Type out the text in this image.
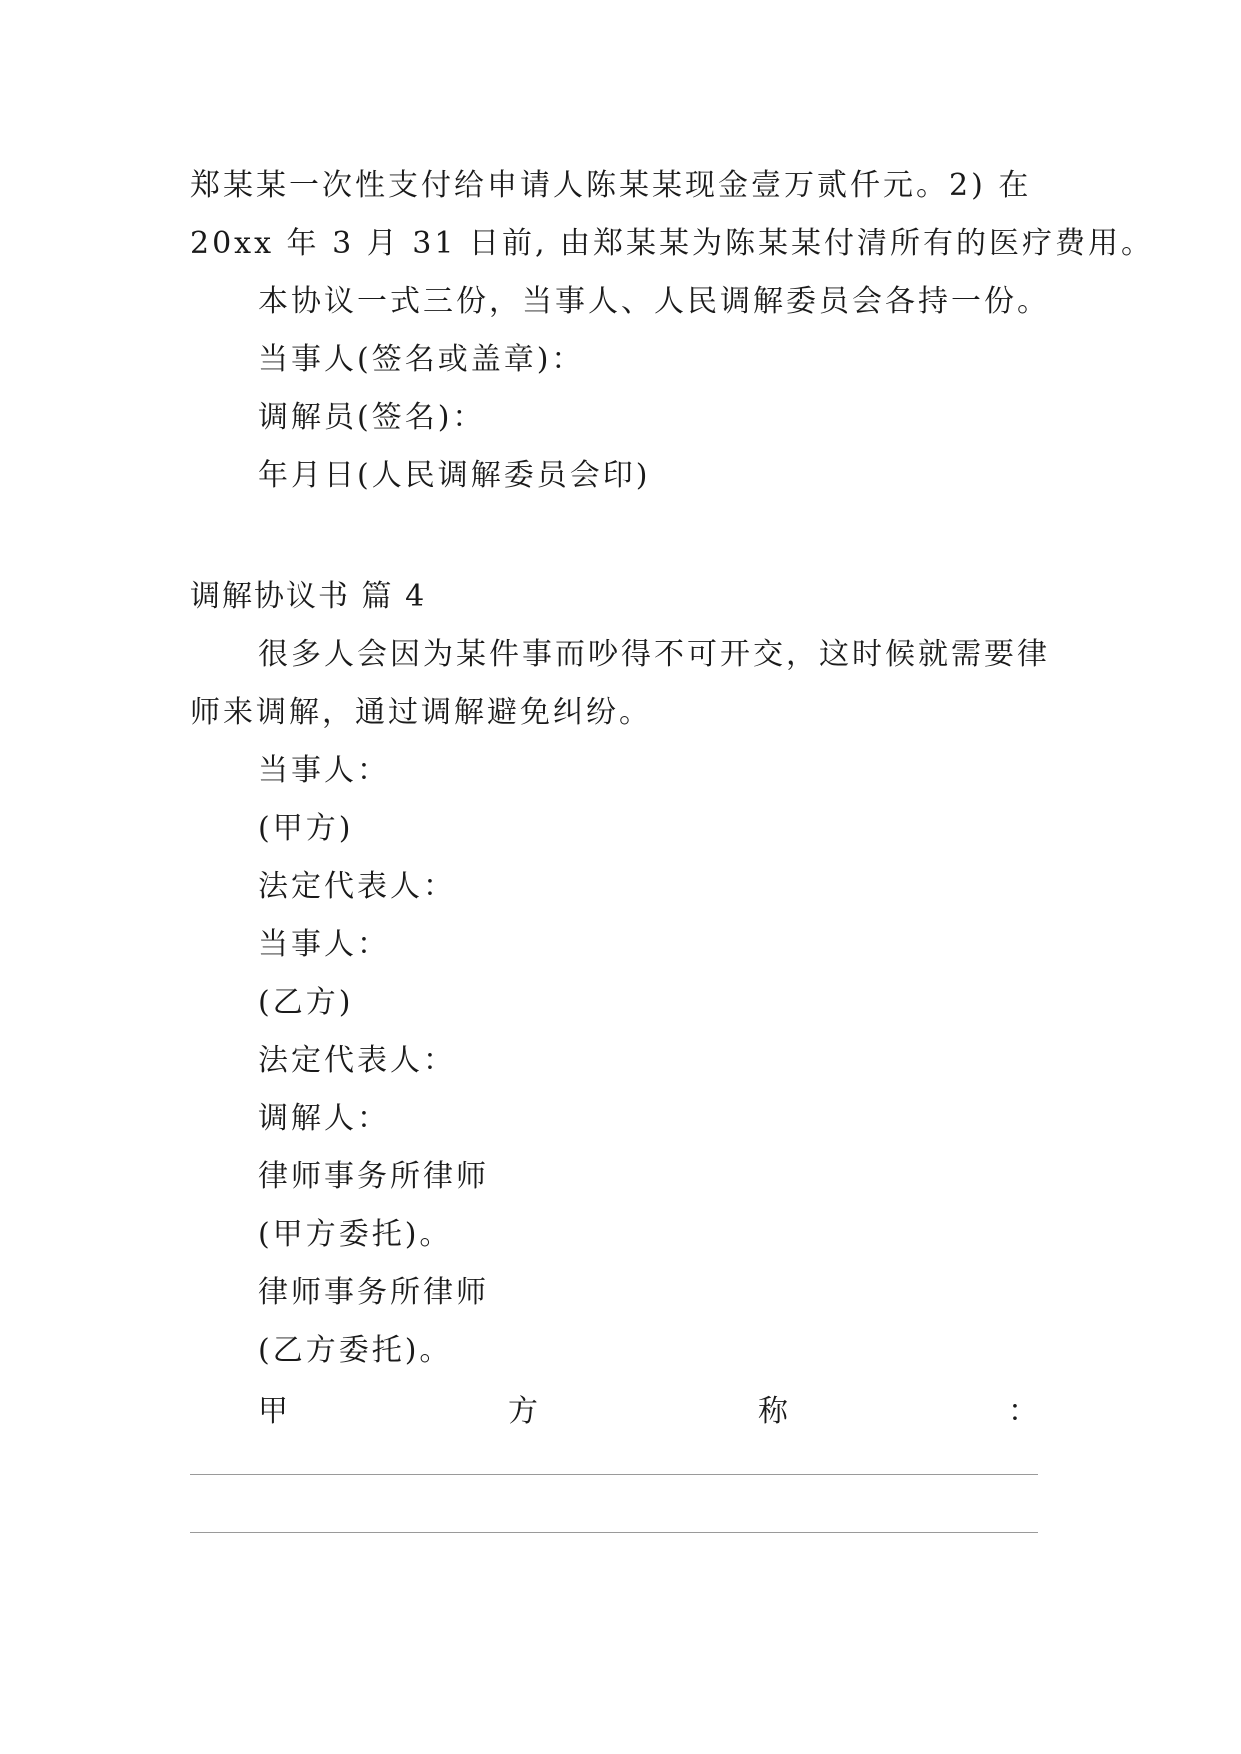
郑某某一次性支付给申请人陈某某现金壹万贰仟元。2) 在
20xx 年 3 月 31 日前, 由郑某某为陈某某付清所有的医疗费用。
本协议一式三份，当事人、人民调解委员会各持一份。
当事人(签名或盖章)：
调解员(签名)：
年月日(人民调解委员会印)
调解协议书 篇 4
很多人会因为某件事而吵得不可开交，这时候就需要律
师来调解，通过调解避免纠纷。
当事人：
(甲方)
法定代表人：
当事人：
(乙方)
法定代表人：
调解人：
律师事务所律师
(甲方委托)。
律师事务所律师
(乙方委托)。
甲	方	称	：
